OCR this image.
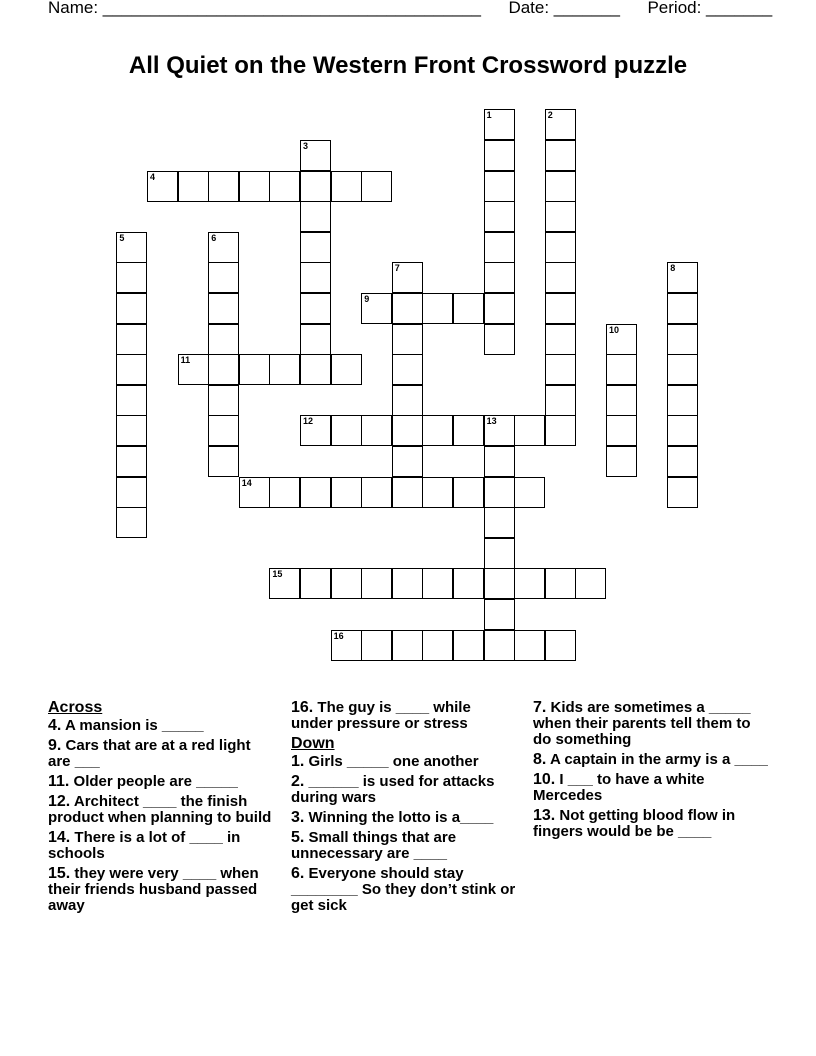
Name: ________________________________________ Date: _______ Period: _______
All Quiet on the Western Front Crossword puzzle
1	2
3
4
5	6
7	8
9
10
11
12	13
14
15
16
Across
4. A mansion is _____
9. Cars that are at a red light are ___
11. Older people are _____
12. Architect ____ the finish product when planning to build
14. There is a lot of ____ in schools
15. they were very ____ when their friends husband passed away
16. The guy is ____ while under pressure or stress
Down
1. Girls _____ one another
2. ______ is used for attacks during wars
3. Winning the lotto is a____
5. Small things that are unnecessary are ____
6. Everyone should stay ________ So they don’t stink or get sick
7. Kids are sometimes a _____ when their parents tell them to do something
8. A captain in the army is a ____
10. I ___ to have a white Mercedes
13. Not getting blood flow in fingers would be be ____
